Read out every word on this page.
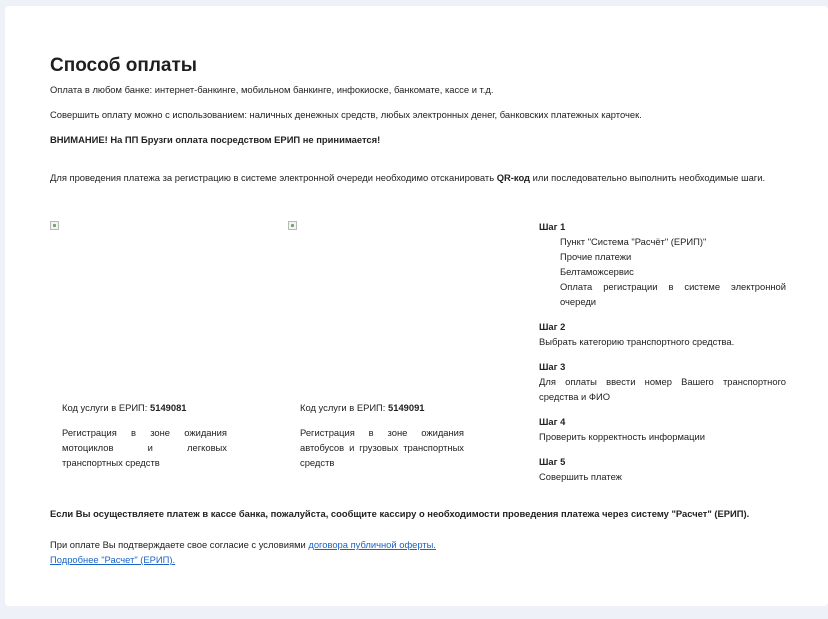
Способ оплаты

Оплата в любом банке: интернет-банкинге, мобильном банкинге, инфокиоске, банкомате, кассе и т.д.

Совершить оплату можно с использованием: наличных денежных средств, любых электронных денег, банковских платежных карточек.

ВНИМАНИЕ! На ПП Брузги оплата посредством ЕРИП не принимается!

Для проведения платежа за регистрацию в системе электронной очереди необходимо отсканировать QR-код или последовательно выполнить необходимые шаги.

Код услуги в ЕРИП: 5149081
Регистрация в зоне ожидания мотоциклов и легковых транспортных средств
Код услуги в ЕРИП: 5149091
Регистрация в зоне ожидания автобусов и грузовых транспортных средств
Шаг 1
Пункт "Система "Расчёт" (ЕРИП)"
Прочие платежи
Белтаможсервис
Оплата регистрации в системе электронной очереди
Шаг 2
Выбрать категорию транспортного средства.
Шаг 3
Для оплаты ввести номер Вашего транспортного средства и ФИО
Шаг 4
Проверить корректность информации
Шаг 5
Совершить платеж

Если Вы осуществляете платеж в кассе банка, пожалуйста, сообщите кассиру о необходимости проведения платежа через систему "Расчет" (ЕРИП).

При оплате Вы подтверждаете свое согласие с условиями договора публичной оферты.

Подробнее "Расчет" (ЕРИП).
